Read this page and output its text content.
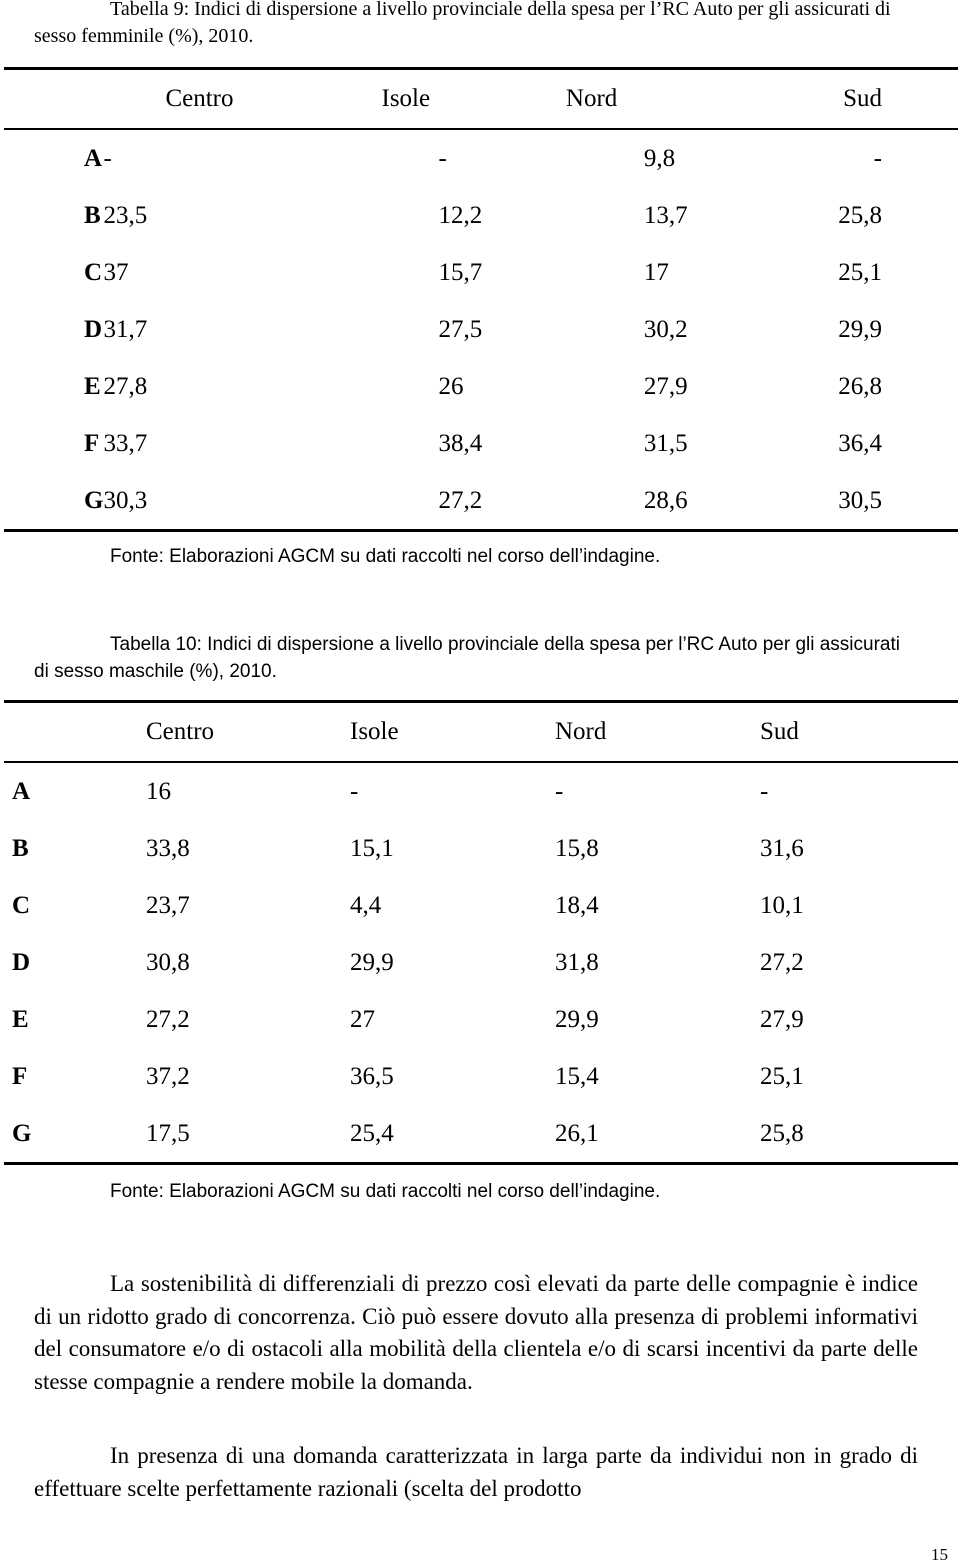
Tabella 9: Indici di dispersione a livello provinciale della spesa per l’RC Auto per gli assicurati di sesso femminile (%), 2010.

	Centro	Isole	Nord	Sud
A	-	-	9,8	-
B	23,5	12,2	13,7	25,8
C	37	15,7	17	25,1
D	31,7	27,5	30,2	29,9
E	27,8	26	27,9	26,8
F	33,7	38,4	31,5	36,4
G	30,3	27,2	28,6	30,5

Fonte: Elaborazioni AGCM su dati raccolti nel corso dell’indagine.

Tabella 10: Indici di dispersione a livello provinciale della spesa per l’RC Auto per gli assicurati di sesso maschile (%), 2010.

	Centro	Isole	Nord	Sud
A	16	-	-	-
B	33,8	15,1	15,8	31,6
C	23,7	4,4	18,4	10,1
D	30,8	29,9	31,8	27,2
E	27,2	27	29,9	27,9
F	37,2	36,5	15,4	25,1
G	17,5	25,4	26,1	25,8

Fonte: Elaborazioni AGCM su dati raccolti nel corso dell’indagine.

La sostenibilità di differenziali di prezzo così elevati da parte delle compagnie è indice di un ridotto grado di concorrenza. Ciò può essere dovuto alla presenza di problemi informativi del consumatore e/o di ostacoli alla mobilità della clientela e/o di scarsi incentivi da parte delle stesse compagnie a rendere mobile la domanda.

In presenza di una domanda caratterizzata in larga parte da individui non in grado di effettuare scelte perfettamente razionali (scelta del prodotto

15
